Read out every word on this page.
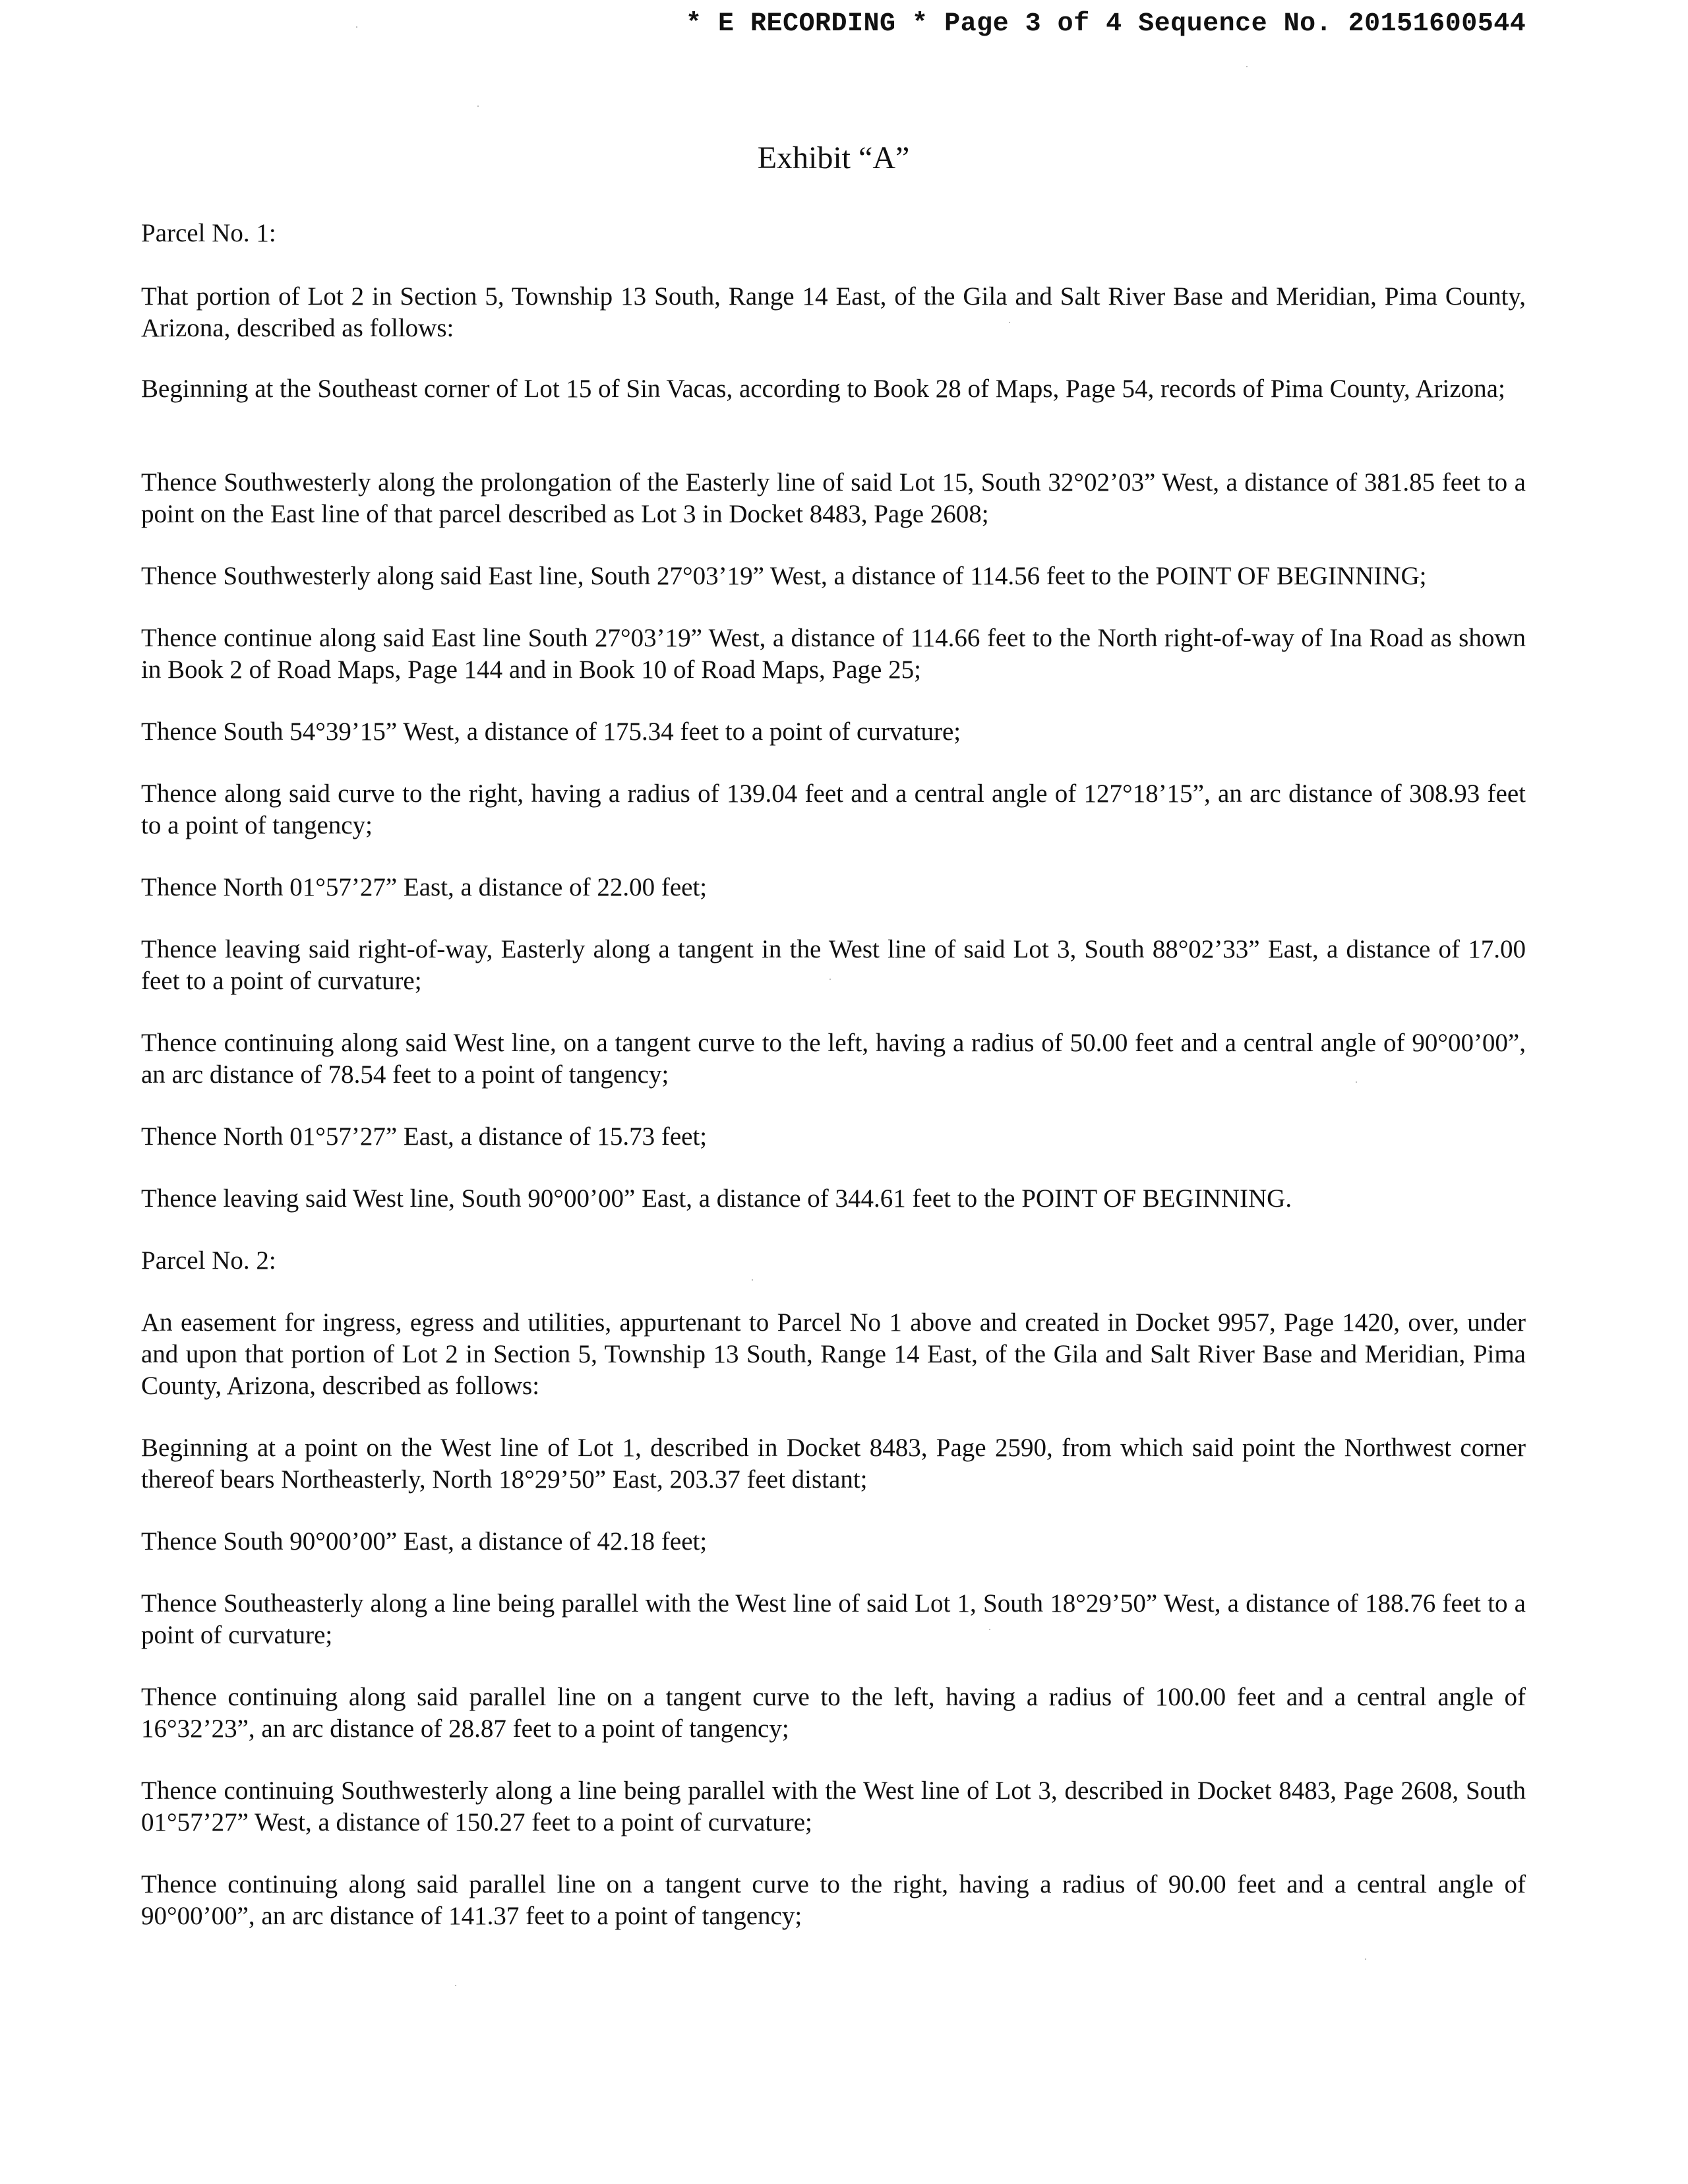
* E RECORDING * Page 3 of 4 Sequence No. 20151600544
Exhibit “A”

Parcel No. 1:

That portion of Lot 2 in Section 5, Township 13 South, Range 14 East, of the Gila and Salt River Base and Meridian, Pima County, Arizona, described as follows:

Beginning at the Southeast corner of Lot 15 of Sin Vacas, according to Book 28 of Maps, Page 54, records of Pima County, Arizona;

Thence Southwesterly along the prolongation of the Easterly line of said Lot 15, South 32°02’03” West, a distance of 381.85 feet to a point on the East line of that parcel described as Lot 3 in Docket 8483, Page 2608;

Thence Southwesterly along said East line, South 27°03’19” West, a distance of 114.56 feet to the POINT OF BEGINNING;

Thence continue along said East line South 27°03’19” West, a distance of 114.66 feet to the North right-of-way of Ina Road as shown in Book 2 of Road Maps, Page 144 and in Book 10 of Road Maps, Page 25;

Thence South 54°39’15” West, a distance of 175.34 feet to a point of curvature;

Thence along said curve to the right, having a radius of 139.04 feet and a central angle of 127°18’15”, an arc distance of 308.93 feet to a point of tangency;

Thence North 01°57’27” East, a distance of 22.00 feet;

Thence leaving said right-of-way, Easterly along a tangent in the West line of said Lot 3, South 88°02’33” East, a distance of 17.00 feet to a point of curvature;

Thence continuing along said West line, on a tangent curve to the left, having a radius of 50.00 feet and a central angle of 90°00’00”, an arc distance of 78.54 feet to a point of tangency;

Thence North 01°57’27” East, a distance of 15.73 feet;

Thence leaving said West line, South 90°00’00” East, a distance of 344.61 feet to the POINT OF BEGINNING.

Parcel No. 2:

An easement for ingress, egress and utilities, appurtenant to Parcel No 1 above and created in Docket 9957, Page 1420, over, under and upon that portion of Lot 2 in Section 5, Township 13 South, Range 14 East, of the Gila and Salt River Base and Meridian, Pima County, Arizona, described as follows:

Beginning at a point on the West line of Lot 1, described in Docket 8483, Page 2590, from which said point the Northwest corner thereof bears Northeasterly, North 18°29’50” East, 203.37 feet distant;

Thence South 90°00’00” East, a distance of 42.18 feet;

Thence Southeasterly along a line being parallel with the West line of said Lot 1, South 18°29’50” West, a distance of 188.76 feet to a point of curvature;

Thence continuing along said parallel line on a tangent curve to the left, having a radius of 100.00 feet and a central angle of 16°32’23”, an arc distance of 28.87 feet to a point of tangency;

Thence continuing Southwesterly along a line being parallel with the West line of Lot 3, described in Docket 8483, Page 2608, South 01°57’27” West, a distance of 150.27 feet to a point of curvature;

Thence continuing along said parallel line on a tangent curve to the right, having a radius of 90.00 feet and a central angle of 90°00’00”, an arc distance of 141.37 feet to a point of tangency;
